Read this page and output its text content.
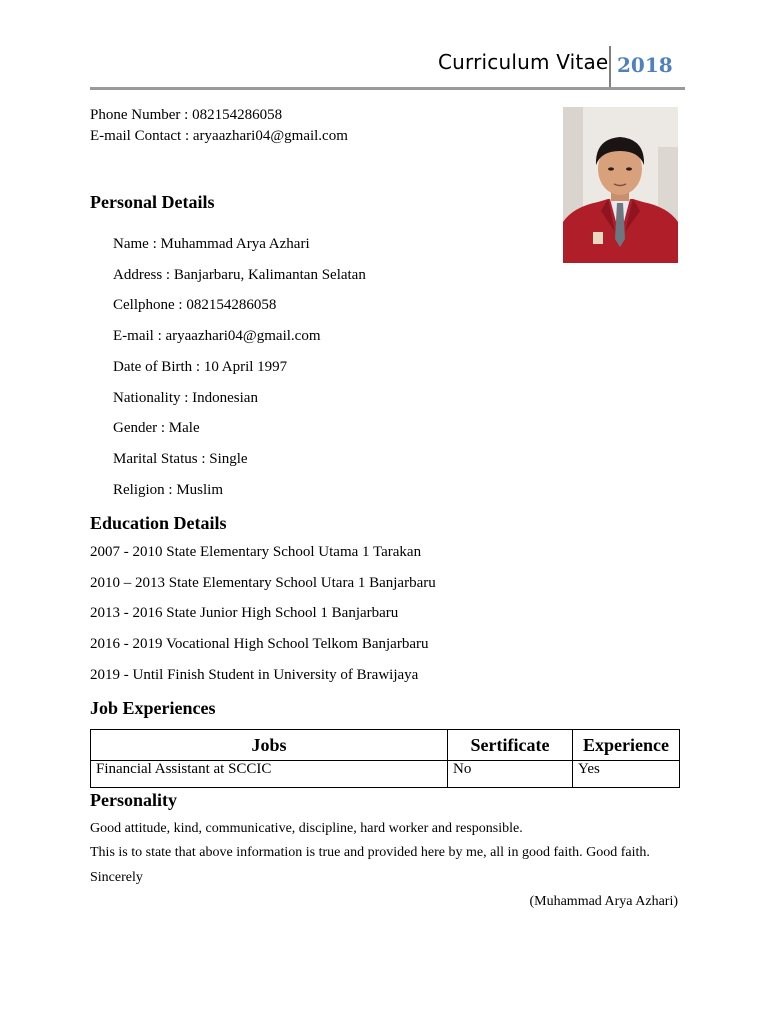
Curriculum Vitae 2018
Phone Number : 082154286058
E-mail Contact : aryaazhari04@gmail.com
Personal Details
Name : Muhammad Arya Azhari
Address : Banjarbaru, Kalimantan Selatan
Cellphone : 082154286058
E-mail : aryaazhari04@gmail.com
Date of Birth : 10 April 1997
Nationality : Indonesian
Gender : Male
Marital Status : Single
Religion : Muslim
Education Details
2007 - 2010 State Elementary School Utama 1 Tarakan
2010 – 2013 State Elementary School Utara 1 Banjarbaru
2013 - 2016 State Junior High School 1 Banjarbaru
2016 - 2019 Vocational High School Telkom Banjarbaru
2019 - Until Finish Student in University of Brawijaya
Job Experiences
Jobs	Sertificate	Experience
Financial Assistant at SCCIC	No	Yes
Personality
Good attitude, kind, communicative, discipline, hard worker and responsible.
This is to state that above information is true and provided here by me, all in good faith. Good faith.
Sincerely
(Muhammad Arya Azhari)
